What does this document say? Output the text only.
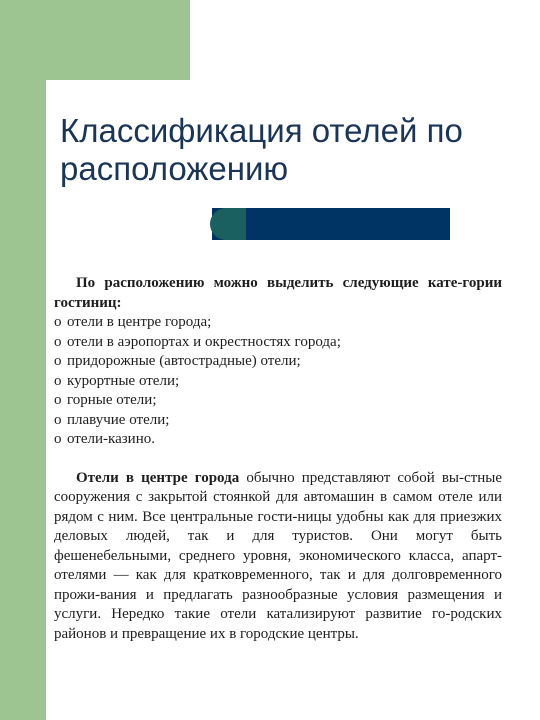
Классификация отелей по расположению

По расположению можно выделить следующие кате-гории гостиниц:

о отели в центре города;
о отели в аэропортах и окрестностях города;
о придорожные (автострадные) отели;
о курортные отели;
о горные отели;
о плавучие отели;
о отели-казино.

Отели в центре города обычно представляют собой вы-стные сооружения с закрытой стоянкой для автомашин в самом отеле или рядом с ним. Все центральные гости-ницы удобны как для приезжих деловых людей, так и для туристов. Они могут быть фешенебельными, среднего уровня, экономического класса, апарт-отелями — как для кратковременного, так и для долговременного прожи-вания и предлагать разнообразные условия размещения и услуги. Нередко такие отели катализируют развитие го-родских районов и превращение их в городские центры.
